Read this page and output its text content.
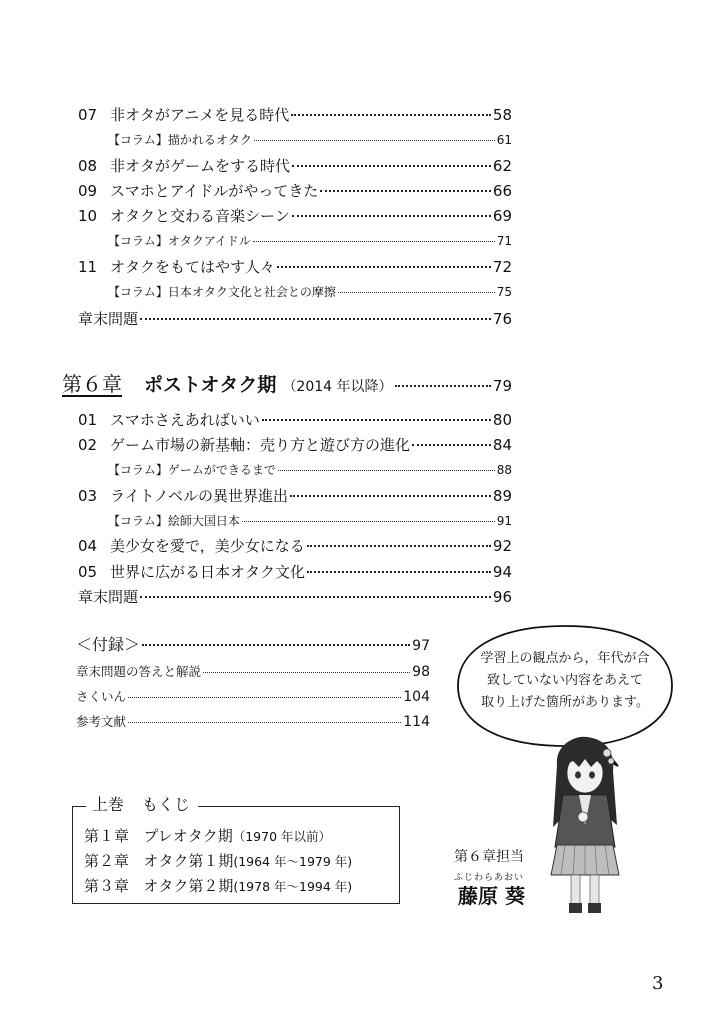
07 非オタがアニメを見る時代	58
【コラム】描かれるオタク	61
08 非オタがゲームをする時代	62
09 スマホとアイドルがやってきた	66
10 オタクと交わる音楽シーン	69
【コラム】オタクアイドル	71
11 オタクをもてはやす人々	72
【コラム】日本オタク文化と社会との摩擦	75
章末問題	76
第６章 ポストオタク期 （2014 年以降）	79
01 スマホさえあればいい	80
02 ゲーム市場の新基軸：売り方と遊び方の進化	84
【コラム】ゲームができるまで	88
03 ライトノベルの異世界進出	89
【コラム】絵師大国日本	91
04 美少女を愛で，美少女になる	92
05 世界に広がる日本オタク文化	94
章末問題	96
＜付録＞	97
章末問題の答えと解説	98
さくいん	104
参考文献	114
上巻 もくじ
第１章 プレオタク期（1970 年以前）
第２章 オタク第１期(1964 年〜1979 年)
第３章 オタク第２期(1978 年〜1994 年)
学習上の観点から，年代が合
致していない内容をあえて
取り上げた箇所があります。
第６章担当
ふじわらあおい
藤原 葵
3
